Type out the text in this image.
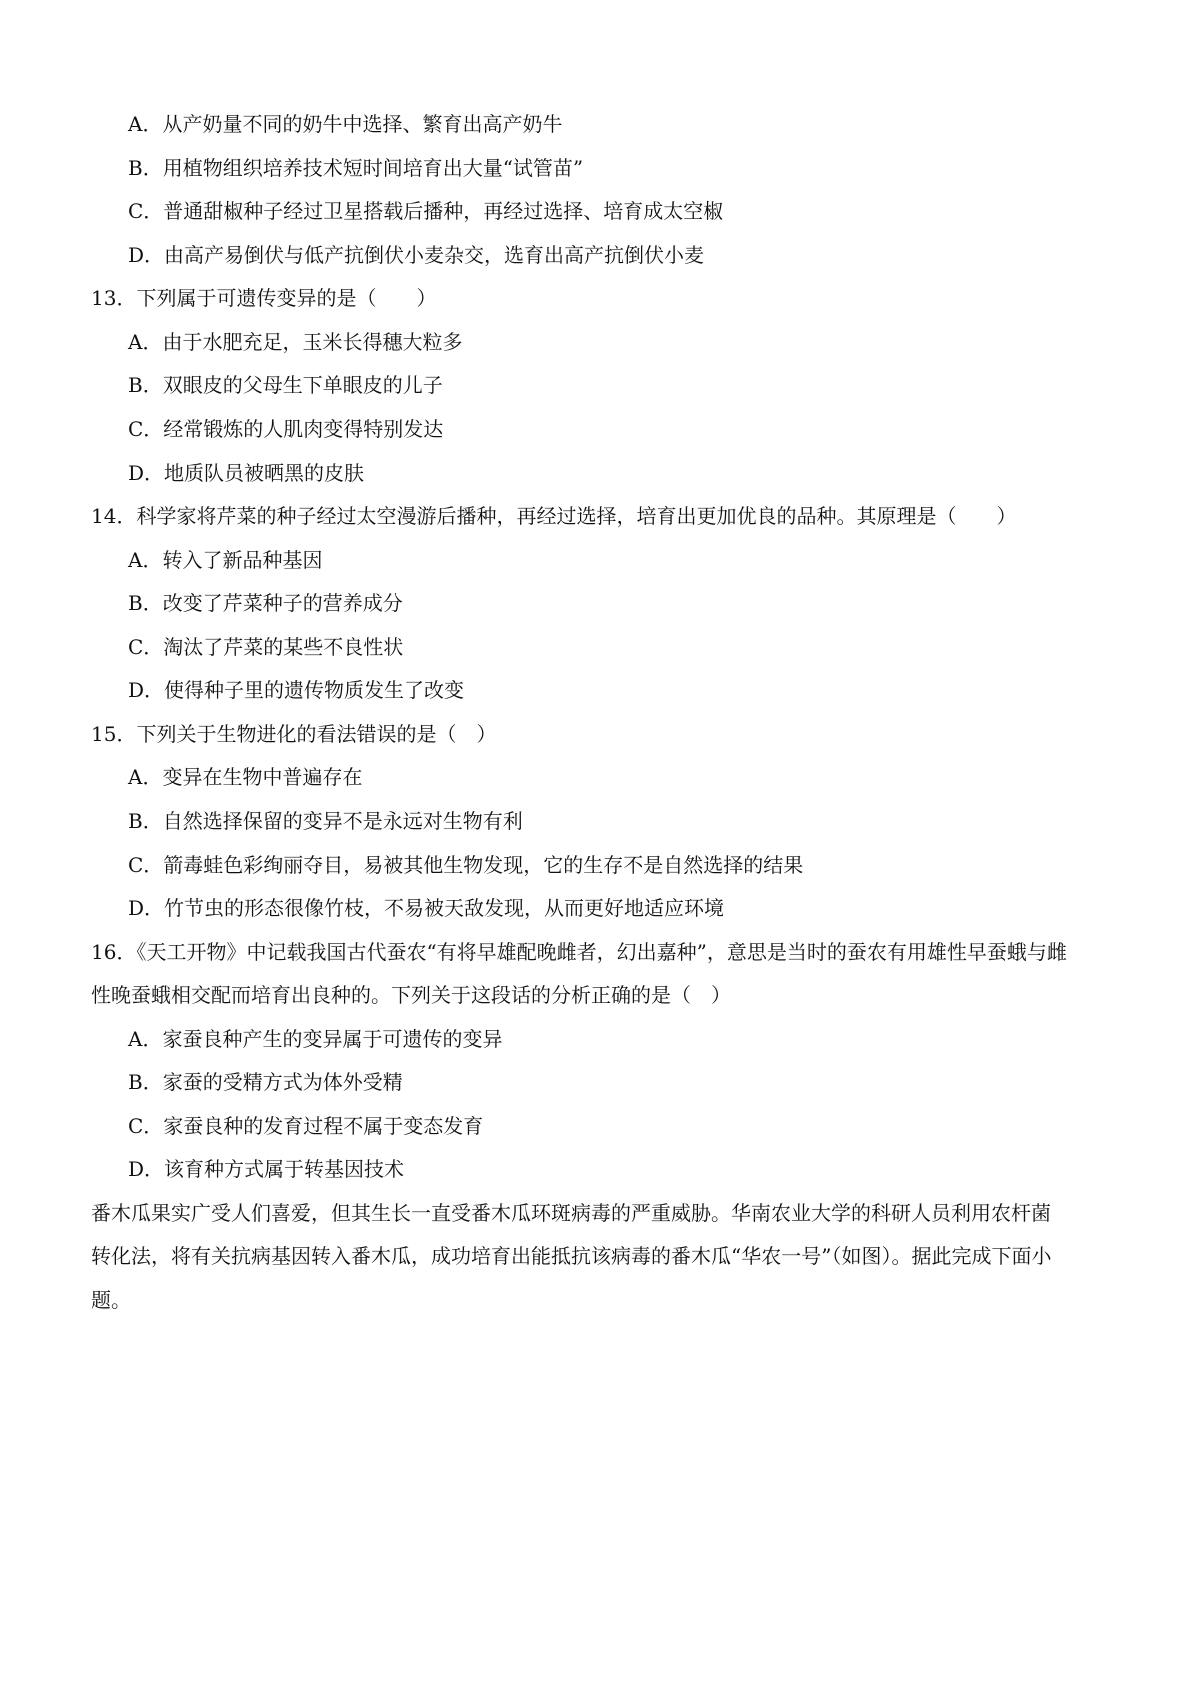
A．从产奶量不同的奶牛中选择、繁育出高产奶牛
B．用植物组织培养技术短时间培育出大量“试管苗”
C．普通甜椒种子经过卫星搭载后播种，再经过选择、培育成太空椒
D．由高产易倒伏与低产抗倒伏小麦杂交，选育出高产抗倒伏小麦
13．下列属于可遗传变异的是（　　）
A．由于水肥充足，玉米长得穗大粒多
B．双眼皮的父母生下单眼皮的儿子
C．经常锻炼的人肌肉变得特别发达
D．地质队员被晒黑的皮肤
14．科学家将芹菜的种子经过太空漫游后播种，再经过选择，培育出更加优良的品种。其原理是（　　）
A．转入了新品种基因
B．改变了芹菜种子的营养成分
C．淘汰了芹菜的某些不良性状
D．使得种子里的遗传物质发生了改变
15．下列关于生物进化的看法错误的是（　）
A．变异在生物中普遍存在
B．自然选择保留的变异不是永远对生物有利
C．箭毒蛙色彩绚丽夺目，易被其他生物发现，它的生存不是自然选择的结果
D．竹节虫的形态很像竹枝，不易被天敌发现，从而更好地适应环境
16．《天工开物》中记载我国古代蚕农“有将早雄配晚雌者，幻出嘉种”，意思是当时的蚕农有用雄性早蚕蛾与雌
性晚蚕蛾相交配而培育出良种的。下列关于这段话的分析正确的是（　）
A．家蚕良种产生的变异属于可遗传的变异
B．家蚕的受精方式为体外受精
C．家蚕良种的发育过程不属于变态发育
D．该育种方式属于转基因技术
番木瓜果实广受人们喜爱，但其生长一直受番木瓜环斑病毒的严重威胁。华南农业大学的科研人员利用农杆菌
转化法，将有关抗病基因转入番木瓜，成功培育出能抵抗该病毒的番木瓜“华农一号”（如图）。据此完成下面小
题。
